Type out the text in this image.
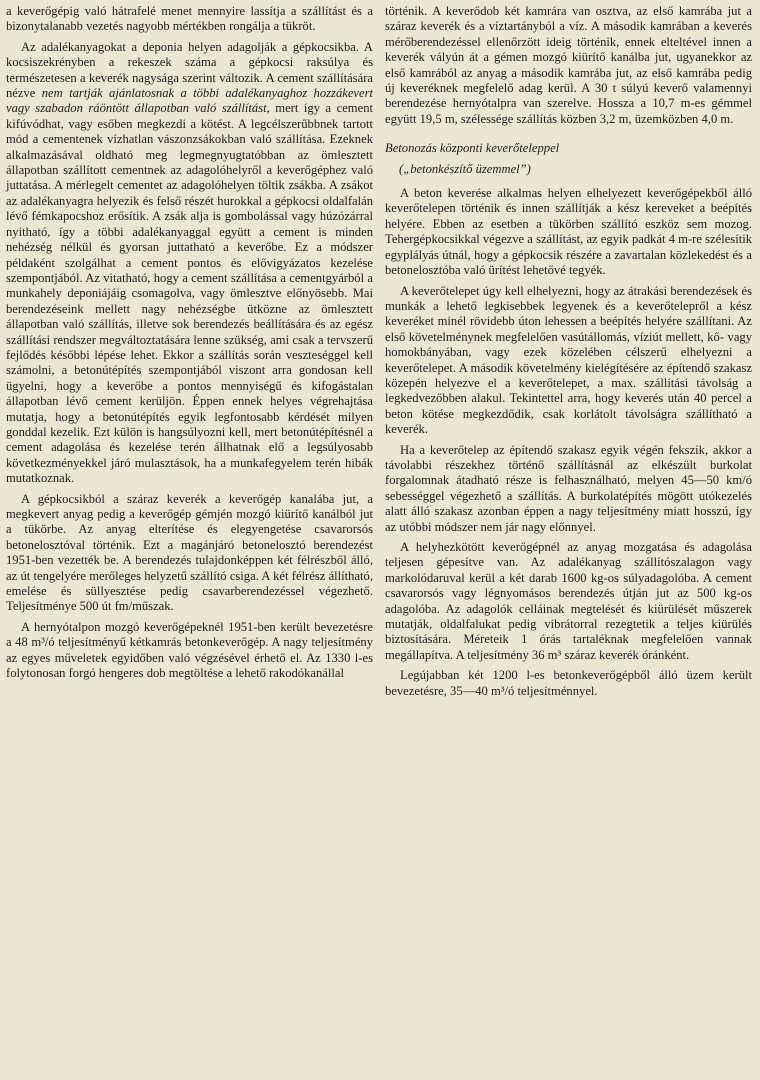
a keverőgépig való hátrafelé menet mennyire lassítja a szállítást és a bizonytalanabb vezetés nagyobb mértékben rongálja a tükröt.

Az adalékanyagokat a deponia helyen adagolják a gépkocsikba. A kocsiszekrényben a rekeszek száma a gépkocsi raksúlya és természetesen a keverék nagysága szerint változik. A cement szállítására nézve nem tartják ajánlatosnak a többi adalékanyaghoz hozzákevert vagy szabadon ráöntött állapotban való szállítást, mert így a cement kifúvódhat, vagy esőben megkezdi a kötést. A legcélszerűbbnek tartott mód a cementenek vízhatlan vászonzsákokban való szállítása. Ezeknek alkalmazásával oldható meg legmegnyugtatóbban az ömlesztett állapotban szállított cementnek az adagolóhelyről a keverőgéphez való juttatása. A mérlegelt cementet az adagolóhelyen töltik zsákba. A zsákot az adalékanyagra helyezik és felső részét hurokkal a gépkocsi oldalfalán lévő fémkapocshoz erősítik. A zsák alja is gombolással vagy húzózárral nyitható, így a többi adalékanyaggal együtt a cement is minden nehézség nélkül és gyorsan juttatható a keverőbe. Ez a módszer példaként szolgálhat a cement pontos és elővigyázatos kezelése szempontjából. Az vitatható, hogy a cement szállítása a cementgyárból a munkahely deponiájáig csomagolva, vagy ömlesztve előnyösebb. Mai berendezéseink mellett nagy nehézségbe ütközne az ömlesztett állapotban való szállítás, illetve sok berendezés beállítására és az egész szállítási rendszer megváltoztatására lenne szükség, ami csak a tervszerű fejlődés későbbi lépése lehet. Ekkor a szállítás során veszteséggel kell számolni, a betonútépítés szempontjából viszont arra gondosan kell ügyelni, hogy a keverőbe a pontos mennyiségű és kifogástalan állapotban lévő cement kerüljön. Éppen ennek helyes végrehajtása mutatja, hogy a betonútépítés egyik legfontosabb kérdését milyen gonddal kezelik. Ezt külön is hangsúlyozni kell, mert betonútépítésnél a cement adagolása és kezelése terén állhatnak elő a legsúlyosabb következményekkel járó mulasztások, ha a munkafegyelem terén hibák mutatkoznak.

A gépkocsikból a száraz keverék a keverőgép kanalába jut, a megkevert anyag pedig a keverőgép gémjén mozgó kiürítő kanálból jut a tükörbe. Az anyag elterítése és elegyengetése csavarorsós betonelosztóval történik. Ezt a magánjáró betonelosztó berendezést 1951-ben vezették be. A berendezés tulajdonképpen két félrészből álló, az út tengelyére merőleges helyzetű szállító csiga. A két félrész állítható, emelése és süllyesztése pedig csavarberendezéssel végezhető. Teljesítménye 500 út fm/műszak.

A hernyótalpon mozgó keverőgépeknél 1951-ben került bevezetésre a 48 m³/ó teljesítményű kétkamrás betonkeverőgép. A nagy teljesítmény az egyes műveletek egyidőben való végzésével érhető el. Az 1330 l-es folytonosan forgó hengeres dob megtöltése a lehető rakodókanállal

történik. A keverődob két kamrára van osztva, az első kamrába jut a száraz keverék és a víztartányból a víz. A második kamrában a keverés mérőberendezéssel ellenőrzött ideig történik, ennek elteltével innen a keverék vályún át a gémen mozgó kiürítő kanálba jut, ugyanekkor az első kamrából az anyag a második kamrába jut, az első kamrába pedig új keveréknek megfelelő adag kerül. A 30 t súlyú keverő valamennyi berendezése hernyótalpra van szerelve. Hossza a 10,7 m-es gémmel együtt 19,5 m, szélessége szállítás közben 3,2 m, üzemközben 4,0 m.

Betonozás központi keverőteleppel
(„betonkészítő üzemmel”)

A beton keverése alkalmas helyen elhelyezett keverőgépekből álló keverőtelepen történik és innen szállítják a kész kereveket a beépítés helyére. Ebben az esetben a tükörben szállító eszköz sem mozog. Tehergépkocsikkal végezve a szállítást, az egyik padkát 4 m-re szélesítik egyplályás útnál, hogy a gépkocsik részére a zavartalan közlekedést és a betonelosztóba való ürítést lehetővé tegyék.

A keverőtelepet úgy kell elhelyezni, hogy az átrakási berendezések és munkák a lehető legkisebbek legyenek és a keverőtelepről a kész keveréket minél rövidebb úton lehessen a beépítés helyére szállítani. Az első követelménynek megfelelően vasútállomás, víziút mellett, kő- vagy homokbányában, vagy ezek közelében célszerű elhelyezni a keverőtelepet. A második követelmény kielégítésére az építendő szakasz közepén helyezve el a keverőtelepet, a max. szállítási távolság a legkedvezőbben alakul. Tekintettel arra, hogy keverés után 40 percel a beton kötése megkezdődik, csak korlátolt távolságra szállítható a keverék.

Ha a keverőtelep az építendő szakasz egyik végén fekszik, akkor a távolabbi részekhez történő szállításnál az elkészült burkolat forgalomnak átadható része is felhasználható, melyen 45—50 km/ó sebességgel végezhető a szállítás. A burkolatépítés mögött utókezelés alatt álló szakasz azonban éppen a nagy teljesítmény miatt hosszú, így az utóbbi módszer nem jár nagy előnnyel.

A helyhezkötött keverőgépnél az anyag mozgatása és adagolása teljesen gépesítve van. Az adalékanyag szállítószalagon vagy markolódaruval kerül a két darab 1600 kg-os súlyadagolóba. A cement csavarorsós vagy légnyomásos berendezés útján jut az 500 kg-os adagolóba. Az adagolók celláinak megtelését és kiürülését műszerek mutatják, oldalfalukat pedig vibrátorral rezegtetik a teljes kiürülés biztosítására. Méreteik 1 órás tartaléknak megfelelően vannak megállapítva. A teljesítmény 36 m³ száraz keverék óránként.

Legújabban két 1200 l-es betonkeverőgépből álló üzem került bevezetésre, 35—40 m³/ó teljesítménnyel.
